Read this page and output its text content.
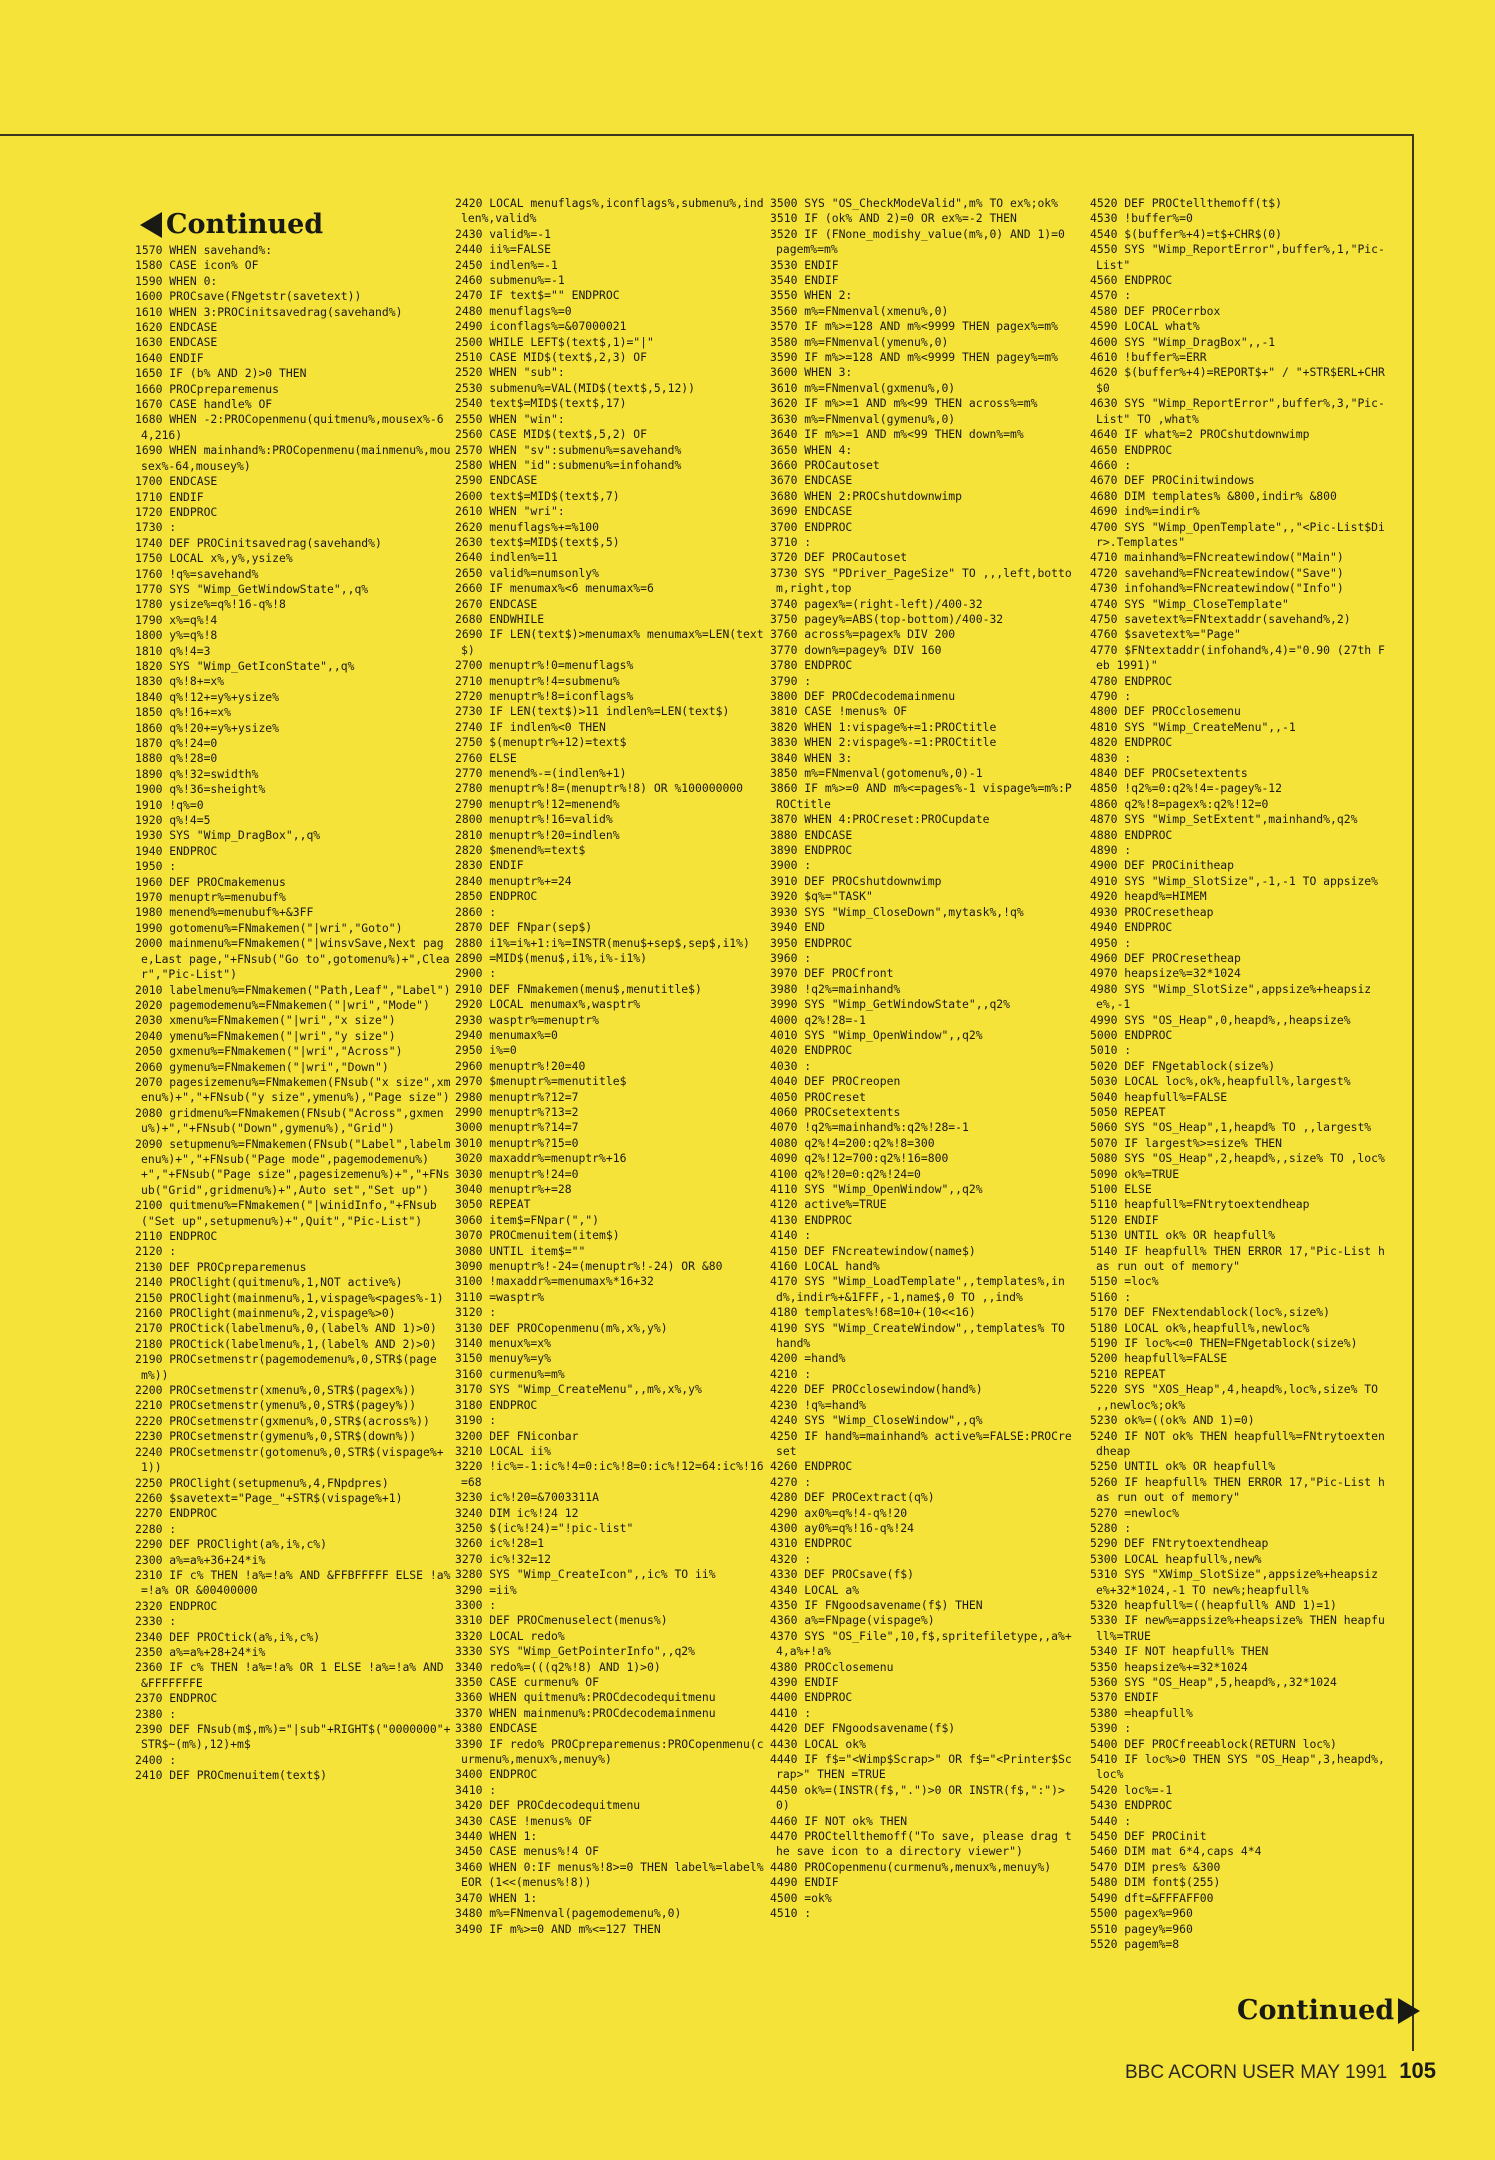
Continued
1570 WHEN savehand%:
1580 CASE icon% OF
1590 WHEN 0:
1600 PROCsave(FNgetstr(savetext))
1610 WHEN 3:PROCinitsavedrag(savehand%)
1620 ENDCASE
1630 ENDCASE
1640 ENDIF
1650 IF (b% AND 2)>0 THEN
1660 PROCpreparemenus
1670 CASE handle% OF
1680 WHEN -2:PROCopenmenu(quitmenu%,mousex%-64,216)
1690 WHEN mainhand%:PROCopenmenu(mainmenu%,mousex%-64,mousey%)
1700 ENDCASE
1710 ENDIF
1720 ENDPROC
1730 :
1740 DEF PROCinitsavedrag(savehand%)
1750 LOCAL x%,y%,ysize%
1760 !q%=savehand%
1770 SYS "Wimp_GetWindowState",,q%
1780 ysize%=q%!16-q%!8
1790 x%=q%!4
1800 y%=q%!8
1810 q%!4=3
1820 SYS "Wimp_GetIconState",,q%
1830 q%!8+=x%
1840 q%!12+=y%+ysize%
1850 q%!16+=x%
1860 q%!20+=y%+ysize%
1870 q%!24=0
1880 q%!28=0
1890 q%!32=swidth%
1900 q%!36=sheight%
1910 !q%=0
1920 q%!4=5
1930 SYS "Wimp_DragBox",,q%
1940 ENDPROC
1950 :
1960 DEF PROCmakemenus
1970 menuptr%=menubuf%
1980 menend%=menubuf%+&3FF
1990 gotomenu%=FNmakemen("|wri","Goto")
2000 mainmenu%=FNmakemen("|winsvSave,Next page,Last page,"+FNsub("Go to",gotomenu%)+",Clear","Pic-List")
2010 labelmenu%=FNmakemen("Path,Leaf","Label")
2020 pagemodemenu%=FNmakemen("|wri","Mode")
2030 xmenu%=FNmakemen("|wri","x size")
2040 ymenu%=FNmakemen("|wri","y size")
2050 gxmenu%=FNmakemen("|wri","Across")
2060 gymenu%=FNmakemen("|wri","Down")
2070 pagesizemenu%=FNmakemen(FNsub("x size",xmenu%)+","+FNsub("y size",ymenu%),"Page size")
2080 gridmenu%=FNmakemen(FNsub("Across",gxmenu%)+","+FNsub("Down",gymenu%),"Grid")
2090 setupmenu%=FNmakemen(FNsub("Label",labelmenu%)+","+FNsub("Page mode",pagemodemenu%)+","+FNsub("Page size",pagesizemenu%)+","+FNsub("Grid",gridmenu%)+",Auto set","Set up")
2100 quitmenu%=FNmakemen("|winidInfo,"+FNsub("Set up",setupmenu%)+",Quit","Pic-List")
2110 ENDPROC
2120 :
2130 DEF PROCpreparemenus
2140 PROClight(quitmenu%,1,NOT active%)
2150 PROClight(mainmenu%,1,vispage%<pages%-1)
2160 PROClight(mainmenu%,2,vispage%>0)
2170 PROCtick(labelmenu%,0,(label% AND 1)>0)
2180 PROCtick(labelmenu%,1,(label% AND 2)>0)
2190 PROCsetmenstr(pagemodemenu%,0,STR$(pagem%))
2200 PROCsetmenstr(xmenu%,0,STR$(pagex%))
2210 PROCsetmenstr(ymenu%,0,STR$(pagey%))
2220 PROCsetmenstr(gxmenu%,0,STR$(across%))
2230 PROCsetmenstr(gymenu%,0,STR$(down%))
2240 PROCsetmenstr(gotomenu%,0,STR$(vispage%+1))
2250 PROClight(setupmenu%,4,FNpdpres)
2260 $savetext="Page_"+STR$(vispage%+1)
2270 ENDPROC
2280 :
2290 DEF PROClight(a%,i%,c%)
2300 a%=a%+36+24*i%
2310 IF c% THEN !a%=!a% AND &FFBFFFFF ELSE !a%=!a% OR &00400000
2320 ENDPROC
2330 :
2340 DEF PROCtick(a%,i%,c%)
2350 a%=a%+28+24*i%
2360 IF c% THEN !a%=!a% OR 1 ELSE !a%=!a% AND &FFFFFFFE
2370 ENDPROC
2380 :
2390 DEF FNsub(m$,m%)="|sub"+RIGHT$("0000000"+STR$~(m%),12)+m$
2400 :
2410 DEF PROCmenuitem(text$)
2420 LOCAL menuflags%,iconflags%,submenu%,indlen%,valid%
2430 valid%=-1
2440 ii%=FALSE
2450 indlen%=-1
2460 submenu%=-1
2470 IF text$="" ENDPROC
2480 menuflags%=0
2490 iconflags%=&07000021
2500 WHILE LEFT$(text$,1)="|"
2510 CASE MID$(text$,2,3) OF
2520 WHEN "sub":
2530 submenu%=VAL(MID$(text$,5,12))
2540 text$=MID$(text$,17)
2550 WHEN "win":
2560 CASE MID$(text$,5,2) OF
2570 WHEN "sv":submenu%=savehand%
2580 WHEN "id":submenu%=infohand%
2590 ENDCASE
2600 text$=MID$(text$,7)
2610 WHEN "wri":
2620 menuflags%+=%100
2630 text$=MID$(text$,5)
2640 indlen%=11
2650 valid%=numsonly%
2660 IF menumax%<6 menumax%=6
2670 ENDCASE
2680 ENDWHILE
2690 IF LEN(text$)>menumax% menumax%=LEN(text$)
2700 menuptr%!0=menuflags%
2710 menuptr%!4=submenu%
2720 menuptr%!8=iconflags%
2730 IF LEN(text$)>11 indlen%=LEN(text$)
2740 IF indlen%<0 THEN
2750 $(menuptr%+12)=text$
2760 ELSE
2770 menend%-=(indlen%+1)
2780 menuptr%!8=(menuptr%!8) OR %100000000
2790 menuptr%!12=menend%
2800 menuptr%!16=valid%
2810 menuptr%!20=indlen%
2820 $menend%=text$
2830 ENDIF
2840 menuptr%+=24
2850 ENDPROC
2860 :
2870 DEF FNpar(sep$)
2880 i1%=i%+1:i%=INSTR(menu$+sep$,sep$,i1%)
2890 =MID$(menu$,i1%,i%-i1%)
2900 :
2910 DEF FNmakemen(menu$,menutitle$)
2920 LOCAL menumax%,wasptr%
2930 wasptr%=menuptr%
2940 menumax%=0
2950 i%=0
2960 menuptr%!20=40
2970 $menuptr%=menutitle$
2980 menuptr%?12=7
2990 menuptr%?13=2
3000 menuptr%?14=7
3010 menuptr%?15=0
3020 maxaddr%=menuptr%+16
3030 menuptr%!24=0
3040 menuptr%+=28
3050 REPEAT
3060 item$=FNpar(",")
3070 PROCmenuitem(item$)
3080 UNTIL item$=""
3090 menuptr%!-24=(menuptr%!-24) OR &80
3100 !maxaddr%=menumax%*16+32
3110 =wasptr%
3120 :
3130 DEF PROCopenmenu(m%,x%,y%)
3140 menux%=x%
3150 menuy%=y%
3160 curmenu%=m%
3170 SYS "Wimp_CreateMenu",,m%,x%,y%
3180 ENDPROC
3190 :
3200 DEF FNiconbar
3210 LOCAL ii%
3220 !ic%=-1:ic%!4=0:ic%!8=0:ic%!12=64:ic%!16=68
3230 ic%!20=&7003311A
3240 DIM ic%!24 12
3250 $(ic%!24)="!pic-list"
3260 ic%!28=1
3270 ic%!32=12
3280 SYS "Wimp_CreateIcon",,ic% TO ii%
3290 =ii%
3300 :
3310 DEF PROCmenuselect(menus%)
3320 LOCAL redo%
3330 SYS "Wimp_GetPointerInfo",,q2%
3340 redo%=(((q2%!8) AND 1)>0)
3350 CASE curmenu% OF
3360 WHEN quitmenu%:PROCdecodequitmenu
3370 WHEN mainmenu%:PROCdecodemainmenu
3380 ENDCASE
3390 IF redo% PROCpreparemenus:PROCopenmenu(curmenu%,menux%,menuy%)
3400 ENDPROC
3410 :
3420 DEF PROCdecodequitmenu
3430 CASE !menus% OF
3440 WHEN 1:
3450 CASE menus%!4 OF
3460 WHEN 0:IF menus%!8>=0 THEN label%=label% EOR (1<<(menus%!8))
3470 WHEN 1:
3480 m%=FNmenval(pagemodemenu%,0)
3490 IF m%>=0 AND m%<=127 THEN
3500 SYS "OS_CheckModeValid",m% TO ex%;ok%
3510 IF (ok% AND 2)=0 OR ex%=-2 THEN
3520 IF (FNone_modishy_value(m%,0) AND 1)=0 pagem%=m%
3530 ENDIF
3540 ENDIF
3550 WHEN 2:
3560 m%=FNmenval(xmenu%,0)
3570 IF m%>=128 AND m%<9999 THEN pagex%=m%
3580 m%=FNmenval(ymenu%,0)
3590 IF m%>=128 AND m%<9999 THEN pagey%=m%
3600 WHEN 3:
3610 m%=FNmenval(gxmenu%,0)
3620 IF m%>=1 AND m%<99 THEN across%=m%
3630 m%=FNmenval(gymenu%,0)
3640 IF m%>=1 AND m%<99 THEN down%=m%
3650 WHEN 4:
3660 PROCautoset
3670 ENDCASE
3680 WHEN 2:PROCshutdownwimp
3690 ENDCASE
3700 ENDPROC
3710 :
3720 DEF PROCautoset
3730 SYS "PDriver_PageSize" TO ,,,left,bottom,right,top
3740 pagex%=(right-left)/400-32
3750 pagey%=ABS(top-bottom)/400-32
3760 across%=pagex% DIV 200
3770 down%=pagey% DIV 160
3780 ENDPROC
3790 :
3800 DEF PROCdecodemainmenu
3810 CASE !menus% OF
3820 WHEN 1:vispage%+=1:PROCtitle
3830 WHEN 2:vispage%-=1:PROCtitle
3840 WHEN 3:
3850 m%=FNmenval(gotomenu%,0)-1
3860 IF m%>=0 AND m%<=pages%-1 vispage%=m%:PROCtitle
3870 WHEN 4:PROCreset:PROCupdate
3880 ENDCASE
3890 ENDPROC
3900 :
3910 DEF PROCshutdownwimp
3920 $q%="TASK"
3930 SYS "Wimp_CloseDown",mytask%,!q%
3940 END
3950 ENDPROC
3960 :
3970 DEF PROCfront
3980 !q2%=mainhand%
3990 SYS "Wimp_GetWindowState",,q2%
4000 q2%!28=-1
4010 SYS "Wimp_OpenWindow",,q2%
4020 ENDPROC
4030 :
4040 DEF PROCreopen
4050 PROCreset
4060 PROCsetextents
4070 !q2%=mainhand%:q2%!28=-1
4080 q2%!4=200:q2%!8=300
4090 q2%!12=700:q2%!16=800
4100 q2%!20=0:q2%!24=0
4110 SYS "Wimp_OpenWindow",,q2%
4120 active%=TRUE
4130 ENDPROC
4140 :
4150 DEF FNcreatewindow(name$)
4160 LOCAL hand%
4170 SYS "Wimp_LoadTemplate",,templates%,ind%,indir%+&1FFF,-1,name$,0 TO ,,ind%
4180 templates%!68=10+(10<<16)
4190 SYS "Wimp_CreateWindow",,templates% TO hand%
4200 =hand%
4210 :
4220 DEF PROCclosewindow(hand%)
4230 !q%=hand%
4240 SYS "Wimp_CloseWindow",,q%
4250 IF hand%=mainhand% active%=FALSE:PROCreset
4260 ENDPROC
4270 :
4280 DEF PROCextract(q%)
4290 ax0%=q%!4-q%!20
4300 ay0%=q%!16-q%!24
4310 ENDPROC
4320 :
4330 DEF PROCsave(f$)
4340 LOCAL a%
4350 IF FNgoodsavename(f$) THEN
4360 a%=FNpage(vispage%)
4370 SYS "OS_File",10,f$,spritefiletype,,a%+4,a%+!a%
4380 PROCclosemenu
4390 ENDIF
4400 ENDPROC
4410 :
4420 DEF FNgoodsavename(f$)
4430 LOCAL ok%
4440 IF f$="<Wimp$Scrap>" OR f$="<Printer$Scrap>" THEN =TRUE
4450 ok%=(INSTR(f$,".")>0 OR INSTR(f$,":")>0)
4460 IF NOT ok% THEN
4470 PROCtellthemoff("To save, please drag the save icon to a directory viewer")
4480 PROCopenmenu(curmenu%,menux%,menuy%)
4490 ENDIF
4500 =ok%
4510 :
4520 DEF PROCtellthemoff(t$)
4530 !buffer%=0
4540 $(buffer%+4)=t$+CHR$(0)
4550 SYS "Wimp_ReportError",buffer%,1,"Pic-List"
4560 ENDPROC
4570 :
4580 DEF PROCerrbox
4590 LOCAL what%
4600 SYS "Wimp_DragBox",,-1
4610 !buffer%=ERR
4620 $(buffer%+4)=REPORT$+" / "+STR$ERL+CHR$0
4630 SYS "Wimp_ReportError",buffer%,3,"Pic-List" TO ,what%
4640 IF what%=2 PROCshutdownwimp
4650 ENDPROC
4660 :
4670 DEF PROCinitwindows
4680 DIM templates% &800,indir% &800
4690 ind%=indir%
4700 SYS "Wimp_OpenTemplate",,"<Pic-List$Dir>.Templates"
4710 mainhand%=FNcreatewindow("Main")
4720 savehand%=FNcreatewindow("Save")
4730 infohand%=FNcreatewindow("Info")
4740 SYS "Wimp_CloseTemplate"
4750 savetext%=FNtextaddr(savehand%,2)
4760 $savetext%="Page"
4770 $FNtextaddr(infohand%,4)="0.90 (27th Feb 1991)"
4780 ENDPROC
4790 :
4800 DEF PROCclosemenu
4810 SYS "Wimp_CreateMenu",,-1
4820 ENDPROC
4830 :
4840 DEF PROCsetextents
4850 !q2%=0:q2%!4=-pagey%-12
4860 q2%!8=pagex%:q2%!12=0
4870 SYS "Wimp_SetExtent",mainhand%,q2%
4880 ENDPROC
4890 :
4900 DEF PROCinitheap
4910 SYS "Wimp_SlotSize",-1,-1 TO appsize%
4920 heapd%=HIMEM
4930 PROCresetheap
4940 ENDPROC
4950 :
4960 DEF PROCresetheap
4970 heapsize%=32*1024
4980 SYS "Wimp_SlotSize",appsize%+heapsize%,-1
4990 SYS "OS_Heap",0,heapd%,,heapsize%
5000 ENDPROC
5010 :
5020 DEF FNgetablock(size%)
5030 LOCAL loc%,ok%,heapfull%,largest%
5040 heapfull%=FALSE
5050 REPEAT
5060 SYS "OS_Heap",1,heapd% TO ,,largest%
5070 IF largest%>=size% THEN
5080 SYS "OS_Heap",2,heapd%,,size% TO ,loc%
5090 ok%=TRUE
5100 ELSE
5110 heapfull%=FNtrytoextendheap
5120 ENDIF
5130 UNTIL ok% OR heapfull%
5140 IF heapfull% THEN ERROR 17,"Pic-List has run out of memory"
5150 =loc%
5160 :
5170 DEF FNextendablock(loc%,size%)
5180 LOCAL ok%,heapfull%,newloc%
5190 IF loc%<=0 THEN=FNgetablock(size%)
5200 heapfull%=FALSE
5210 REPEAT
5220 SYS "XOS_Heap",4,heapd%,loc%,size% TO ,,newloc%;ok%
5230 ok%=((ok% AND 1)=0)
5240 IF NOT ok% THEN heapfull%=FNtrytoextendheap
5250 UNTIL ok% OR heapfull%
5260 IF heapfull% THEN ERROR 17,"Pic-List has run out of memory"
5270 =newloc%
5280 :
5290 DEF FNtrytoextendheap
5300 LOCAL heapfull%,new%
5310 SYS "XWimp_SlotSize",appsize%+heapsize%+32*1024,-1 TO new%;heapfull%
5320 heapfull%=((heapfull% AND 1)=1)
5330 IF new%=appsize%+heapsize% THEN heapfull%=TRUE
5340 IF NOT heapfull% THEN
5350 heapsize%+=32*1024
5360 SYS "OS_Heap",5,heapd%,,32*1024
5370 ENDIF
5380 =heapfull%
5390 :
5400 DEF PROCfreeablock(RETURN loc%)
5410 IF loc%>0 THEN SYS "OS_Heap",3,heapd%,loc%
5420 loc%=-1
5430 ENDPROC
5440 :
5450 DEF PROCinit
5460 DIM mat 6*4,caps 4*4
5470 DIM pres% &300
5480 DIM font$(255)
5490 dft=&FFFAFF00
5500 pagex%=960
5510 pagey%=960
5520 pagem%=8
Continued
BBC ACORN USER MAY 1991 105
